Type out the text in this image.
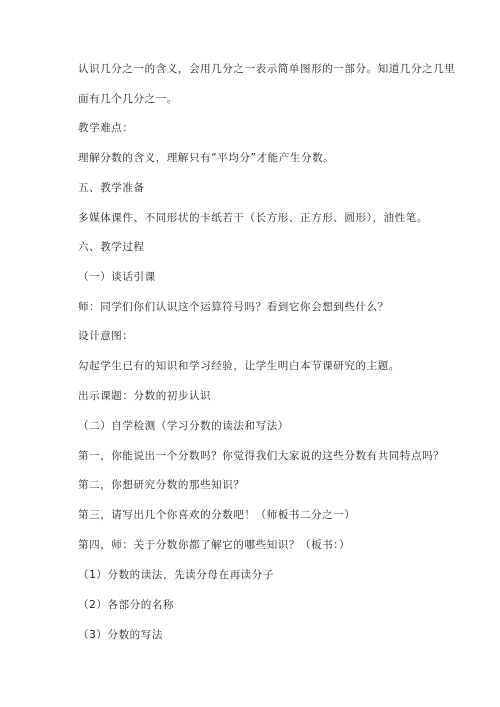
认识几分之一的含义，会用几分之一表示简单图形的一部分。知道几分之几里
面有几个几分之一。
教学难点：
理解分数的含义，理解只有“平均分”才能产生分数。
五、教学准备
多媒体课件、不同形状的卡纸若干（长方形、正方形、圆形），油性笔。
六、教学过程
（一）谈话引课
师：同学们你们认识这个运算符号吗？看到它你会想到些什么？
设计意图：
勾起学生已有的知识和学习经验，让学生明白本节课研究的主题。
出示课题：分数的初步认识
（二）自学检测（学习分数的读法和写法）
第一，你能说出一个分数吗？你觉得我们大家说的这些分数有共同特点吗？
第二，你想研究分数的那些知识？
第三，请写出几个你喜欢的分数吧！（师板书二分之一）
第四，师：关于分数你都了解它的哪些知识？（板书：）
（1）分数的读法，先读分母在再读分子
（2）各部分的名称
（3）分数的写法
